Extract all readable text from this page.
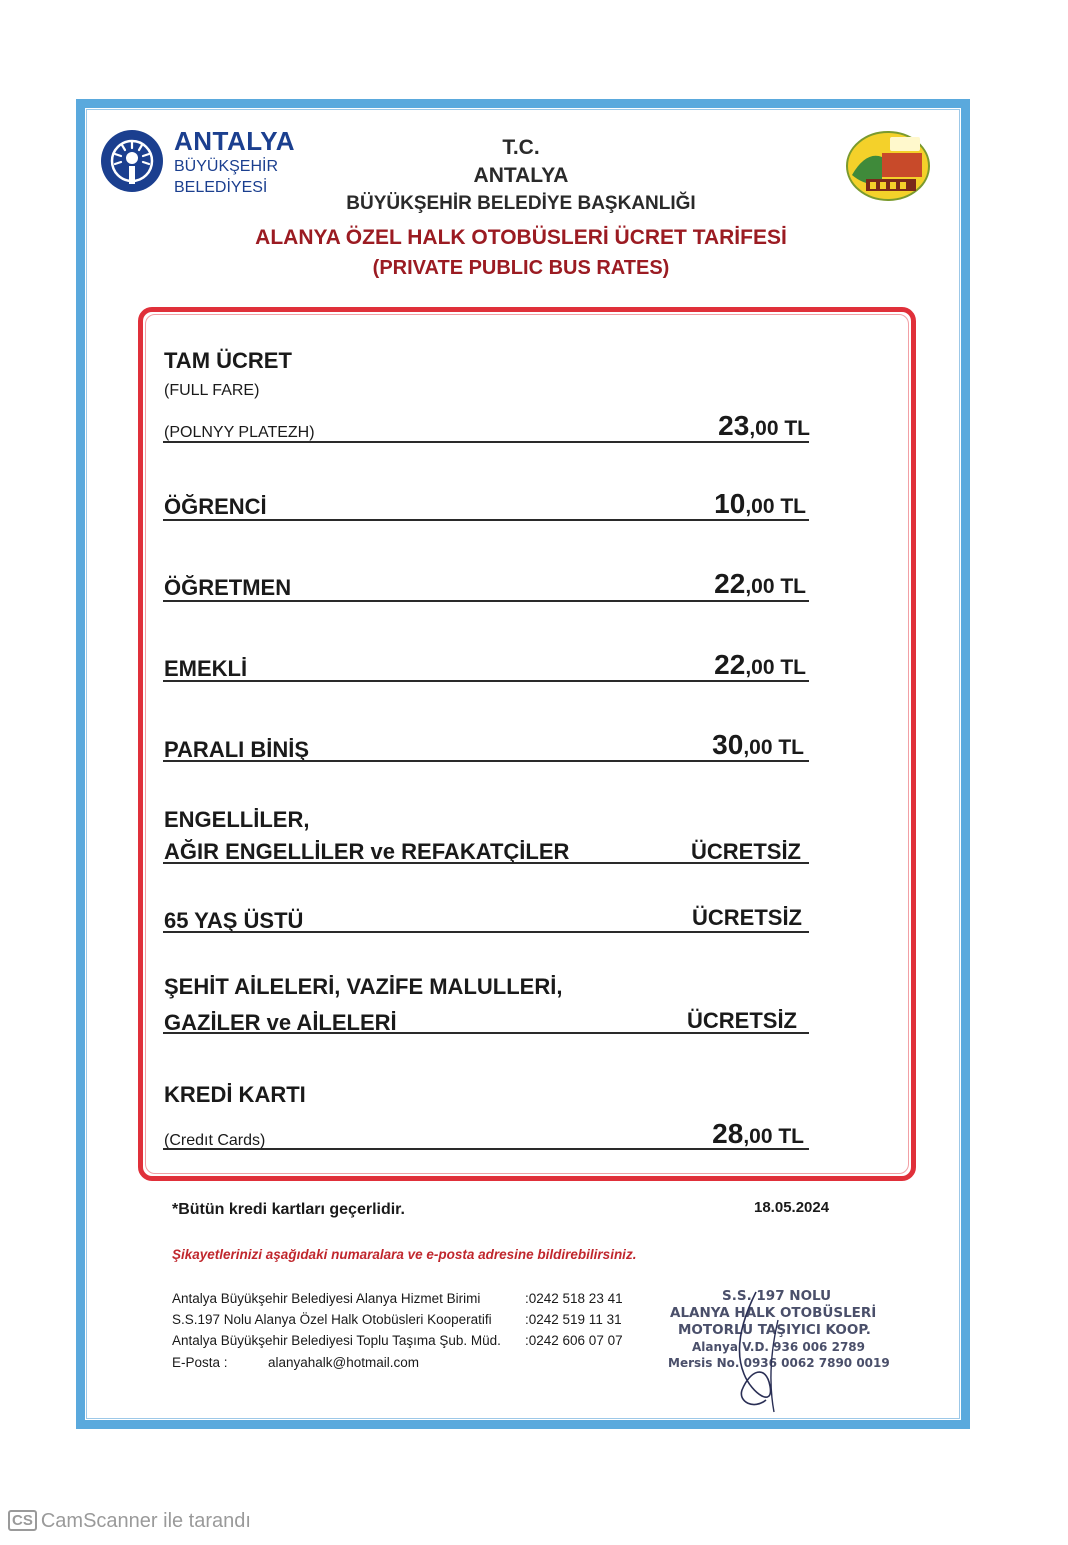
ANTALYA
BÜYÜKŞEHİR
BELEDİYESİ
T.C.
ANTALYA
BÜYÜKŞEHİR BELEDİYE BAŞKANLIĞI
ALANYA ÖZEL HALK OTOBÜSLERİ ÜCRET TARİFESİ
(PRIVATE PUBLIC BUS RATES)
TAM ÜCRET
(FULL FARE)
(POLNYY PLATEZH)	23,00 TL
ÖĞRENCİ	10,00 TL
ÖĞRETMEN	22,00 TL
EMEKLİ	22,00 TL
PARALI BİNİŞ	30,00 TL
ENGELLİLER,
AĞIR ENGELLİLER ve REFAKATÇİLER	ÜCRETSİZ
65 YAŞ ÜSTÜ	ÜCRETSİZ
ŞEHİT AİLELERİ, VAZİFE MALULLERİ,
GAZİLER ve AİLELERİ	ÜCRETSİZ
KREDİ KARTI
(Credıt Cards)	28,00 TL
*Bütün kredi kartları geçerlidir.	18.05.2024
Şikayetlerinizi aşağıdaki numaralara ve e-posta adresine bildirebilirsiniz.
Antalya Büyükşehir Belediyesi Alanya Hizmet Birimi	:0242 518 23 41
S.S.197 Nolu Alanya Özel Halk Otobüsleri Kooperatifi :0242 519 11 31
Antalya Büyükşehir Belediyesi Toplu Taşıma Şub. Müd. :0242 606 07 07
E-Posta :	alanyahalk@hotmail.com
S.S. 197 NOLU
ALANYA HALK OTOBÜSLERİ
MOTORLU TAŞIYICI KOOP.
Alanya V.D. 936 006 2789
Mersis No. 0936 0062 7890 0019
CS CamScanner ile tarandı
